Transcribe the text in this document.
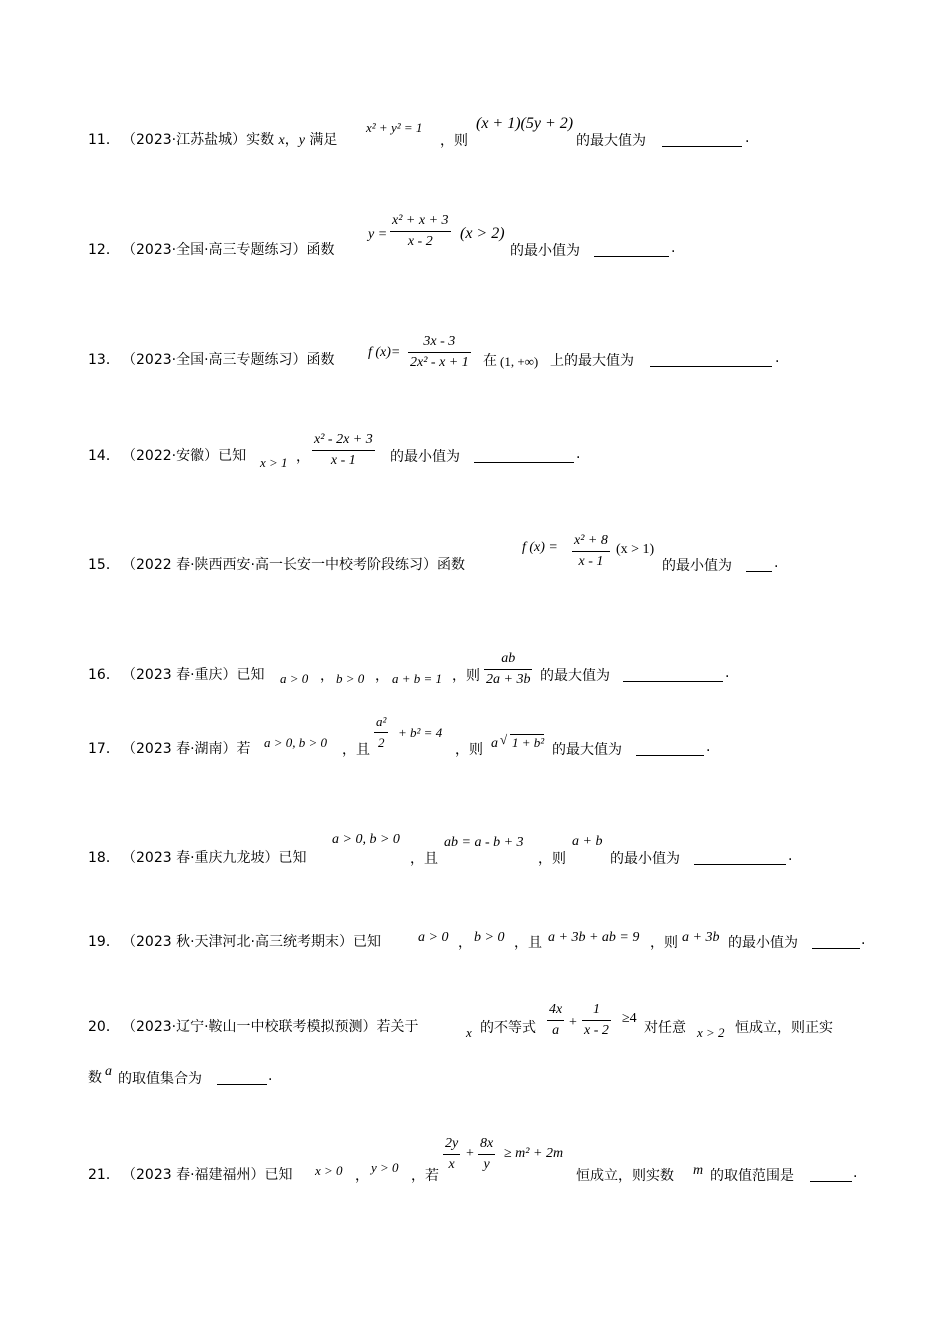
11． （2023·江苏盐城）实数 x，y 满足
x² + y² = 1
，则
(x + 1)(5y + 2)
的最大值为	.
12． （2023·全国·高三专题练习）函数
$y = \frac{\text{x² + x + 3}}{x - 2} (x > 2)$
的最小值为	.
13． （2023·全国·高三专题练习）函数 f $(x)= \frac{3x - 3}{\text{2x² - x + 1}}$ 在 (1, +∞) 上的最大值为	.
14． （2022·安徽）已知 x > 1 ， $\frac{\text{x² - 2x + 3}}{x - 1}$ 的最小值为	.
15． （2022 春·陕西西安·高一长安一中校考阶段练习）函数
f $(x) = \frac{\text{x² + 8}}{x - 1} (x > 1)$
的最小值为	.
16． （2023 春·重庆）已知 a > 0 ， b > 0 ， a + b = 1 ，则 $\frac{ab}{2a + 3b}$ 的最大值为	.
17． （2023 春·湖南）若 a > 0, b > 0 ，且 $\frac{\text{a²}}{2} + b^2 = 4$
，则 a √ 1 + b² 的最大值为	.
18． （2023 春·重庆九龙坡）已知
a > 0, b > 0
，且
ab = a - b + 3
，则
a + b
的最小值为	.
19． （2023 秋·天津河北·高三统考期末）已知	a > 0 ， b > 0 ，且 a + 3b + ab = 9 ，则 a + 3b 的最小值为	.
20． （2023·辽宁·鞍山一中校联考模拟预测）若关于	x 的不等式 $\frac{4x}{a} + \frac{1}{x - 2} \ge 4$
对任意 x > 2 恒成立，则正实
数 a 的取值集合为	.
21． （2023 春·福建福州）已知 x > 0 ，
y > 0
，若
$\frac{2y}{x} + \frac{8x}{y} \ge m^2 + 2m$
恒成立，则实数 m 的取值范围是	.
